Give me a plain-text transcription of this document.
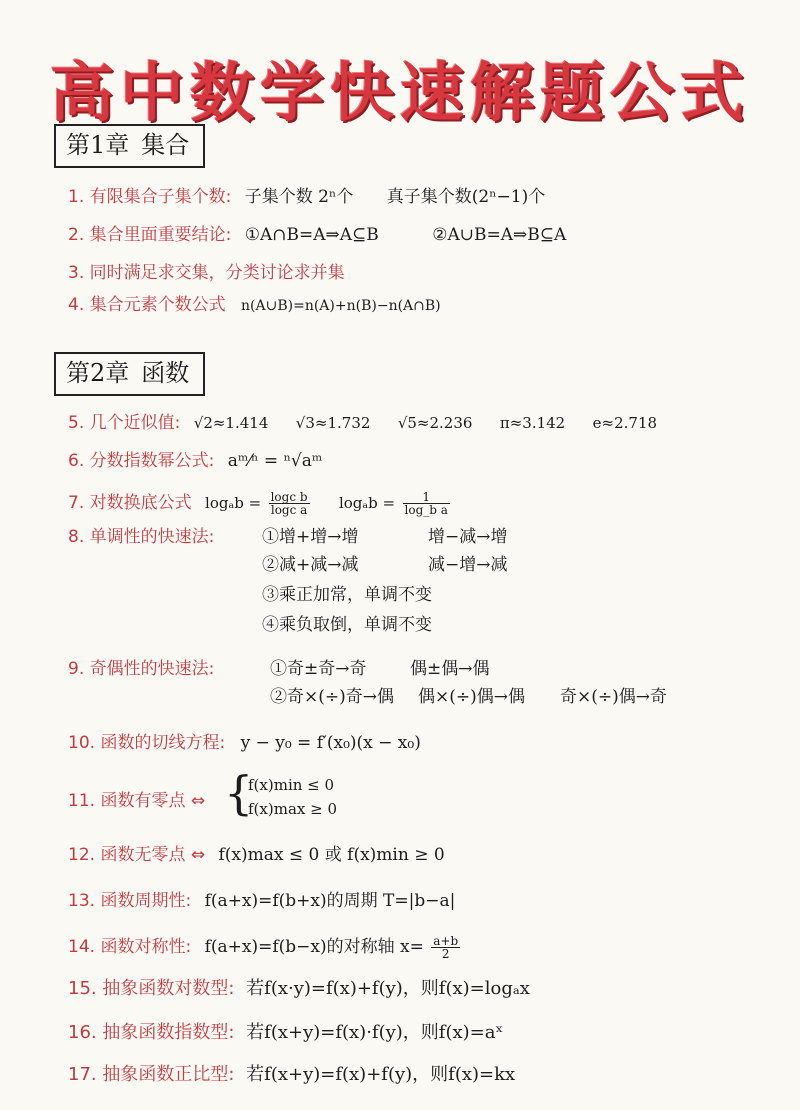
高中数学快速解题公式
第1章 集合
1. 有限集合子集个数: 子集个数 2ⁿ个 真子集个数(2ⁿ−1)个
2. 集合里面重要结论: ①A∩B=A⇒A⊆B	②A∪B=A⇒B⊆A
3. 同时满足求交集，分类讨论求并集
4. 集合元素个数公式 n(A∪B)=n(A)+n(B)−n(A∩B)
第2章 函数
5. 几个近似值: √2≈1.414 √3≈1.732 √5≈2.236 π≈3.142 e≈2.718
6. 分数指数幂公式: aᵐ⁄ⁿ = ⁿ√aᵐ
7. 对数换底公式 $\log_ab = \frac{\text{logc b}}{\text{logc a}}$ $\log_ab = \frac{1}{\text{log\_b a}}$
8. 单调性的快速法:	①增+增→增	增−减→增
②减+减→减	减−增→减
③乘正加常，单调不变
④乘负取倒，单调不变
9. 奇偶性的快速法:	①奇±奇→奇	偶±偶→偶
②奇×(÷)奇→偶 偶×(÷)偶→偶 奇×(÷)偶→奇
10. 函数的切线方程: y − y₀ = f′(x₀)(x − x₀)
11. 函数有零点 ⇔ {
f(x)min ≤ 0
f(x)max ≥ 0
12. 函数无零点 ⇔ f(x)max ≤ 0 或 f(x)min ≥ 0
13. 函数周期性: f(a+x)=f(b+x)的周期 T=|b−a|
14. 函数对称性: f(a+x)=f(b−x)的对称轴 $x= \frac{a+b}{2}$
15. 抽象函数对数型: 若f(x·y)=f(x)+f(y)，则f(x)=logₐx
16. 抽象函数指数型: 若f(x+y)=f(x)·f(y)，则f(x)=aˣ
17. 抽象函数正比型: 若f(x+y)=f(x)+f(y)，则f(x)=kx
